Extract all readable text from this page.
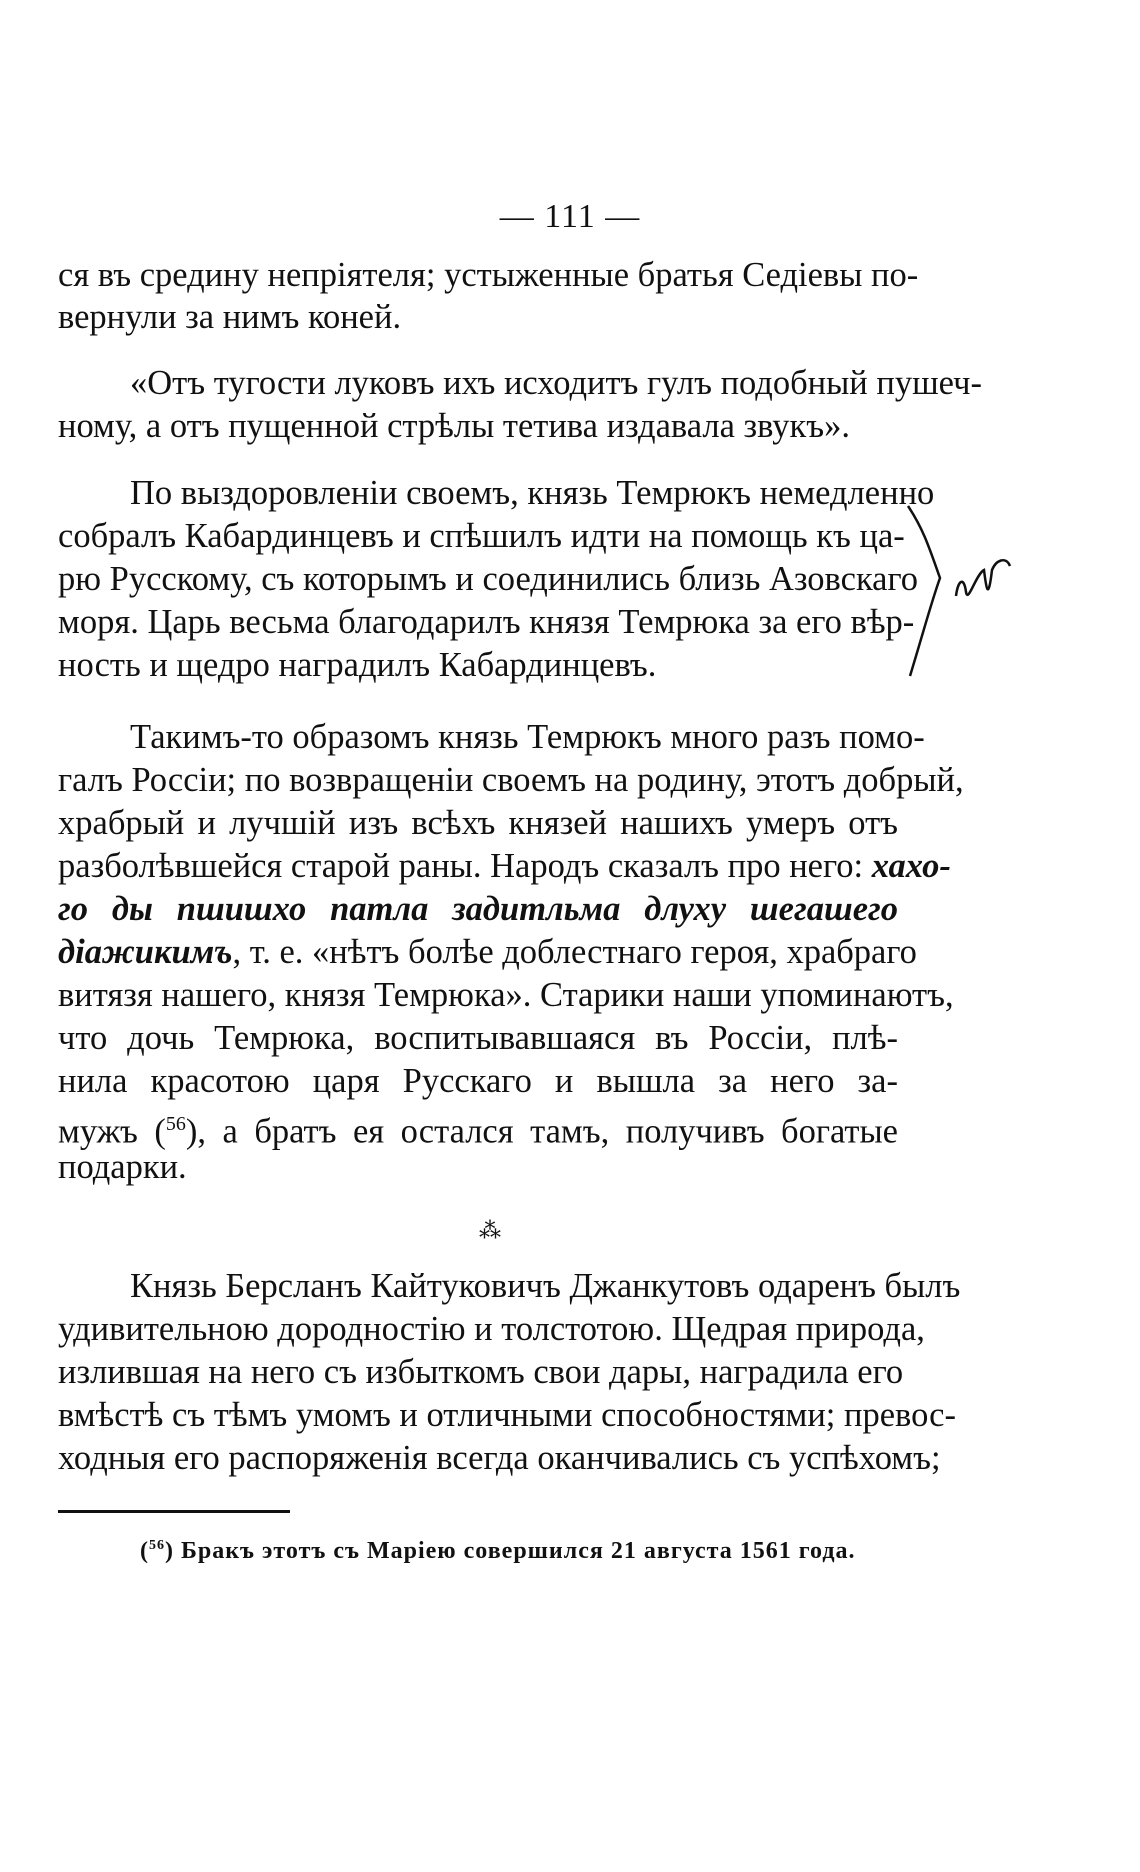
— 111 —
ся въ средину непріятеля; устыженные братья Седіевы по-
вернули за нимъ коней.
«Отъ тугости луковъ ихъ исходитъ гулъ подобный пушеч-
ному, а отъ пущенной стрѣлы тетива издавала звукъ».
По выздоровленіи своемъ, князь Темрюкъ немедленно
собралъ Кабардинцевъ и спѣшилъ идти на помощь къ ца-
рю Русскому, съ которымъ и соединились близь Азовскаго
моря. Царь весьма благодарилъ князя Темрюка за его вѣр-
ность и щедро наградилъ Кабардинцевъ.
Такимъ-то образомъ князь Темрюкъ много разъ помо-
галъ Россіи; по возвращеніи своемъ на родину, этотъ добрый,
храбрый и лучшій изъ всѣхъ князей нашихъ умеръ отъ
разболѣвшейся старой раны. Народъ сказалъ про него: хахо-
го ды пшишхо патла задитльма длуху шегашего
дiажикимъ, т. е. «нѣтъ болѣе доблестнаго героя, храбраго
витязя нашего, князя Темрюка». Старики наши упоминаютъ,
что дочь Темрюка, воспитывавшаяся въ Россіи, плѣ-
нила красотою царя Русскаго и вышла за него за-
мужъ ($^{56}$), а братъ ея остался тамъ, получивъ богатые
подарки.
⁂
Князь Берсланъ Кайтуковичъ Джанкутовъ одаренъ былъ
удивительною дородностію и толстотою. Щедрая природа,
излившая на него съ избыткомъ свои дары, наградила его
вмѣстѣ съ тѣмъ умомъ и отличными способностями; превос-
ходныя его распоряженія всегда оканчивались съ успѣхомъ;
($^{56}$) Бракъ этотъ съ Маріею совершился 21 августа 1561 года.
